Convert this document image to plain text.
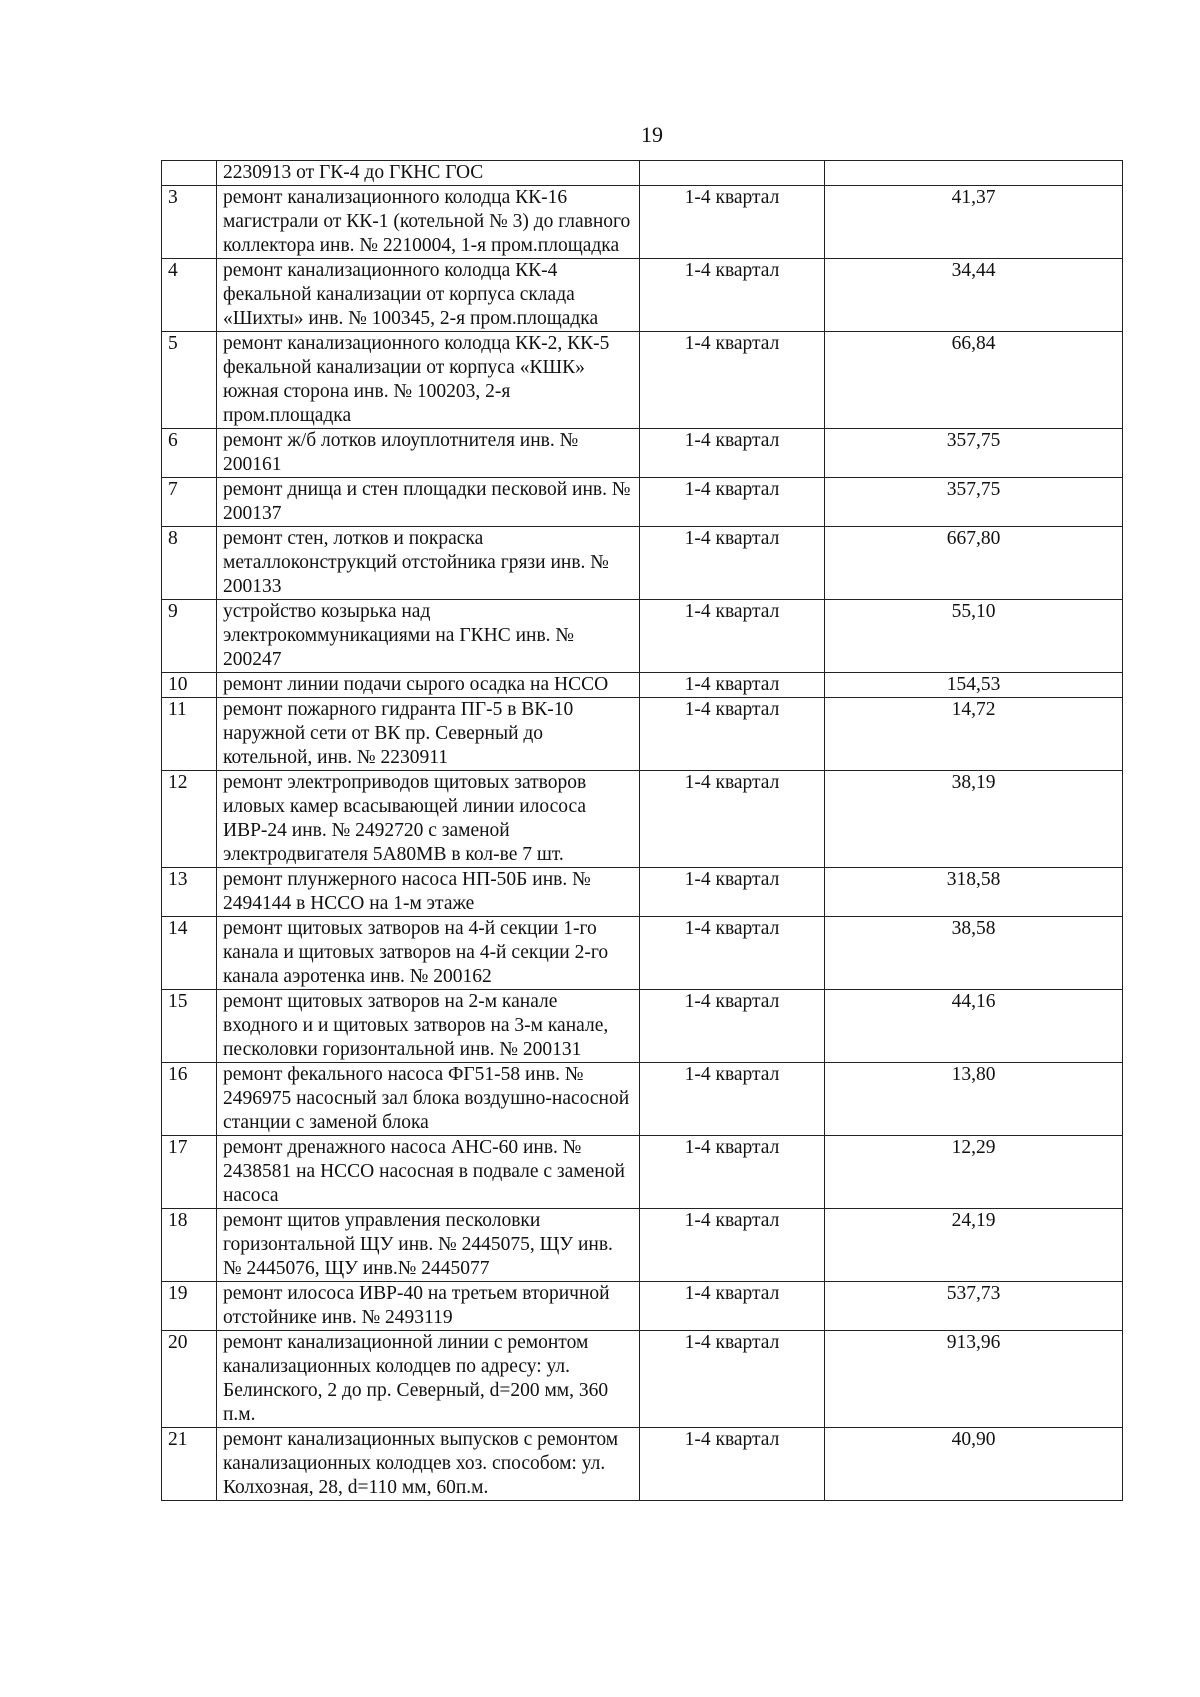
19
	2230913 от ГК-4 до ГКНС ГОС		
3	ремонт канализационного колодца КК-16 магистрали от КК-1 (котельной № 3) до главного коллектора инв. № 2210004, 1-я пром.площадка	1-4 квартал	41,37
4	ремонт канализационного колодца КК-4 фекальной канализации от корпуса склада «Шихты» инв. № 100345, 2-я пром.площадка	1-4 квартал	34,44
5	ремонт канализационного колодца КК-2, КК-5 фекальной канализации от корпуса «КШК» южная сторона инв. № 100203, 2-я пром.площадка	1-4 квартал	66,84
6	ремонт ж/б лотков илоуплотнителя инв. № 200161	1-4 квартал	357,75
7	ремонт днища и стен площадки песковой инв. № 200137	1-4 квартал	357,75
8	ремонт стен, лотков и покраска металлоконструкций отстойника грязи инв. № 200133	1-4 квартал	667,80
9	устройство козырька над электрокоммуникациями на ГКНС инв. № 200247	1-4 квартал	55,10
10	ремонт линии подачи сырого осадка на НССО	1-4 квартал	154,53
11	ремонт пожарного гидранта ПГ-5 в ВК-10 наружной сети от ВК пр. Северный до котельной, инв. № 2230911	1-4 квартал	14,72
12	ремонт электроприводов щитовых затворов иловых камер всасывающей линии илососа ИВР-24 инв. № 2492720 с заменой электродвигателя 5А80МВ в кол-ве 7 шт.	1-4 квартал	38,19
13	ремонт плунжерного насоса НП-50Б инв. № 2494144 в НССО на 1-м этаже	1-4 квартал	318,58
14	ремонт щитовых затворов на 4-й секции 1-го канала и щитовых затворов на 4-й секции 2-го канала аэротенка инв. № 200162	1-4 квартал	38,58
15	ремонт щитовых затворов на 2-м канале входного и и щитовых затворов на 3-м канале, песколовки горизонтальной инв. № 200131	1-4 квартал	44,16
16	ремонт фекального насоса ФГ51-58 инв. № 2496975 насосный зал блока воздушно-насосной станции с заменой блока	1-4 квартал	13,80
17	ремонт дренажного насоса АНС-60 инв. № 2438581 на НССО насосная в подвале с заменой насоса	1-4 квартал	12,29
18	ремонт щитов управления песколовки горизонтальной ЩУ инв. № 2445075, ЩУ инв. № 2445076, ЩУ инв.№ 2445077	1-4 квартал	24,19
19	ремонт илососа ИВР-40 на третьем вторичной отстойнике инв. № 2493119	1-4 квартал	537,73
20	ремонт канализационной линии с ремонтом канализационных колодцев по адресу: ул. Белинского, 2 до пр. Северный, d=200 мм, 360 п.м.	1-4 квартал	913,96
21	ремонт канализационных выпусков с ремонтом канализационных колодцев хоз. способом: ул. Колхозная, 28, d=110 мм, 60п.м.	1-4 квартал	40,90
